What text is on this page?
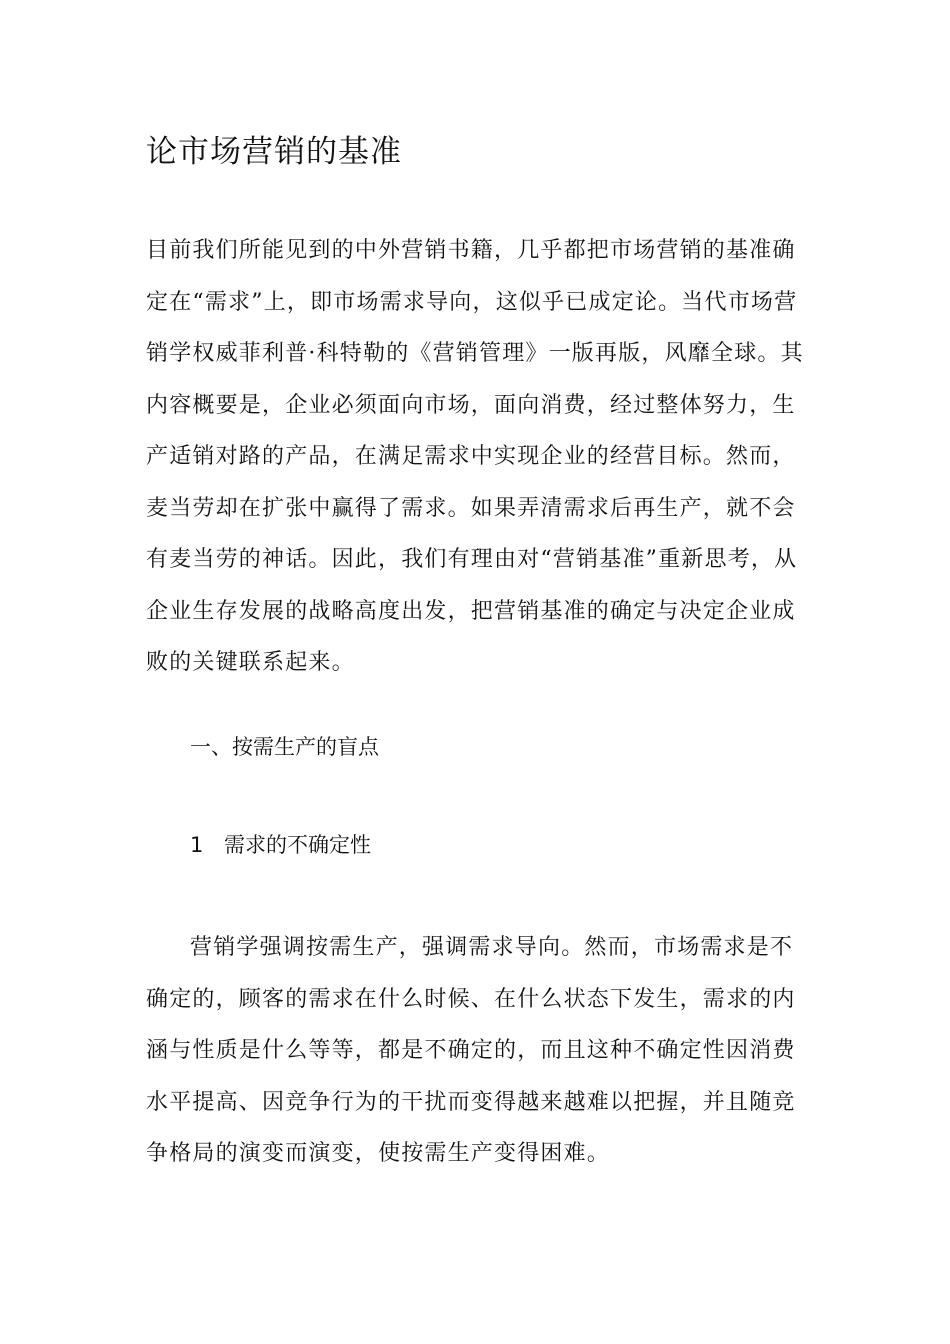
论市场营销的基准

目前我们所能见到的中外营销书籍，几乎都把市场营销的基准确定在“需求”上，即市场需求导向，这似乎已成定论。当代市场营销学权威菲利普·科特勒的《营销管理》一版再版，风靡全球。其内容概要是，企业必须面向市场，面向消费，经过整体努力，生产适销对路的产品，在满足需求中实现企业的经营目标。然而，麦当劳却在扩张中赢得了需求。如果弄清需求后再生产，就不会有麦当劳的神话。因此，我们有理由对“营销基准”重新思考，从企业生存发展的战略高度出发，把营销基准的确定与决定企业成败的关键联系起来。

一、按需生产的盲点
1 需求的不确定性

营销学强调按需生产，强调需求导向。然而，市场需求是不确定的，顾客的需求在什么时候、在什么状态下发生，需求的内涵与性质是什么等等，都是不确定的，而且这种不确定性因消费水平提高、因竞争行为的干扰而变得越来越难以把握，并且随竞争格局的演变而演变，使按需生产变得困难。
